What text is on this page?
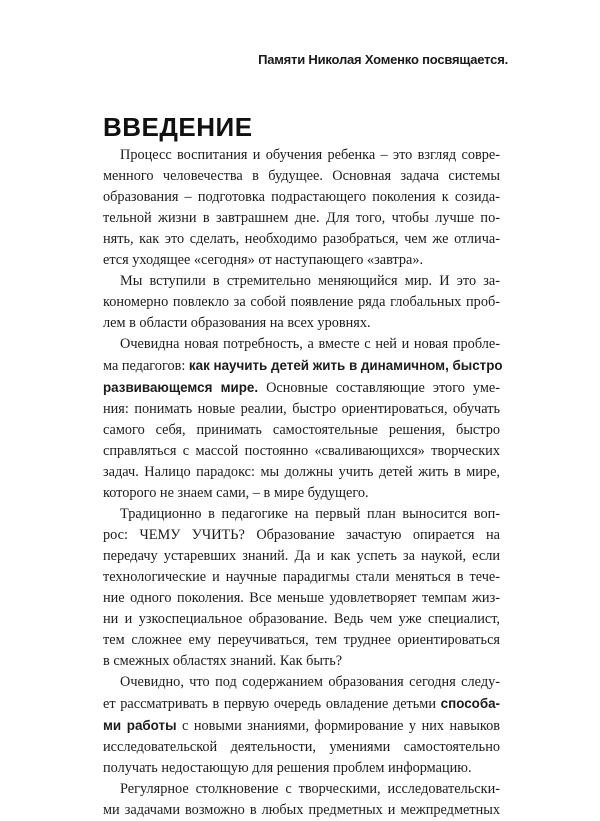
Памяти Николая Хоменко посвящается.
ВВЕДЕНИЕ

Процесс воспитания и обучения ребенка – это взгляд совре-
менного человечества в будущее. Основная задача системы
образования – подготовка подрастающего поколения к созида-
тельной жизни в завтрашнем дне. Для того, чтобы лучше по-
нять, как это сделать, необходимо разобраться, чем же отлича-
ется уходящее «сегодня» от наступающего «завтра».

Мы вступили в стремительно меняющийся мир. И это за-
кономерно повлекло за собой появление ряда глобальных проб-
лем в области образования на всех уровнях.

Очевидна новая потребность, а вместе с ней и новая пробле-
ма педагогов: как научить детей жить в динамичном, быстро
развивающемся мире. Основные составляющие этого уме-
ния: понимать новые реалии, быстро ориентироваться, обучать
самого себя, принимать самостоятельные решения, быстро
справляться с массой постоянно «сваливающихся» творческих
задач. Налицо парадокс: мы должны учить детей жить в мире,
которого не знаем сами, – в мире будущего.

Традиционно в педагогике на первый план выносится воп-
рос: ЧЕМУ УЧИТЬ? Образование зачастую опирается на
передачу устаревших знаний. Да и как успеть за наукой, если
технологические и научные парадигмы стали меняться в тече-
ние одного поколения. Все меньше удовлетворяет темпам жиз-
ни и узкоспециальное образование. Ведь чем уже специалист,
тем сложнее ему переучиваться, тем труднее ориентироваться
в смежных областях знаний. Как быть?

Очевидно, что под содержанием образования сегодня следу-
ет рассматривать в первую очередь овладение детьми способа-
ми работы с новыми знаниями, формирование у них навыков
исследовательской деятельности, умениями самостоятельно
получать недостающую для решения проблем информацию.

Регулярное столкновение с творческими, исследовательски-
ми задачами возможно в любых предметных и межпредметных
